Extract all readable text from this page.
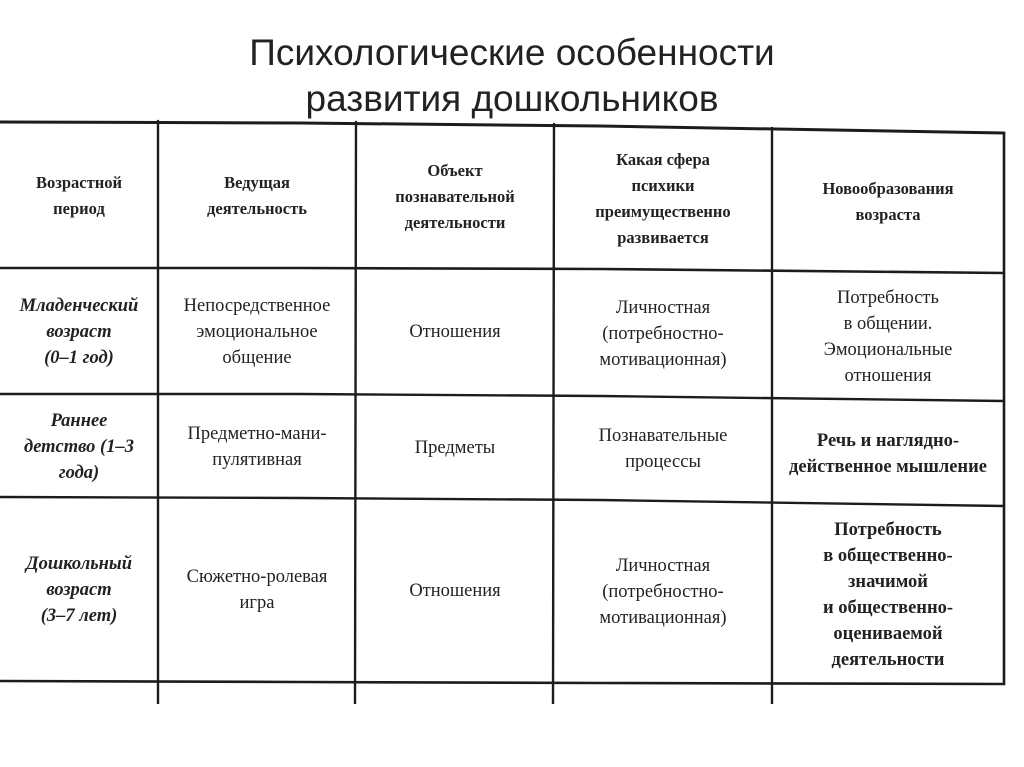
Психологические особенности
развития дошкольников
Возрастной
период
Ведущая
деятельность
Объект
познавательной
деятельности
Какая сфера
психики
преимущественно
развивается
Новообразования
возраста
Младенческий
возраст
(0–1 год)
Непосредственное
эмоциональное
общение
Отношения
Личностная
(потребностно-
мотивационная)
Потребность
в общении.
Эмоциональные
отношения
Раннее
детство (1–3
года)
Предметно-мани-
пулятивная
Предметы
Познавательные
процессы
Речь и наглядно-
действенное мышление
Дошкольный
возраст
(3–7 лет)
Сюжетно-ролевая
игра
Отношения
Личностная
(потребностно-
мотивационная)
Потребность
в общественно-
значимой
и общественно-
оцениваемой
деятельности
